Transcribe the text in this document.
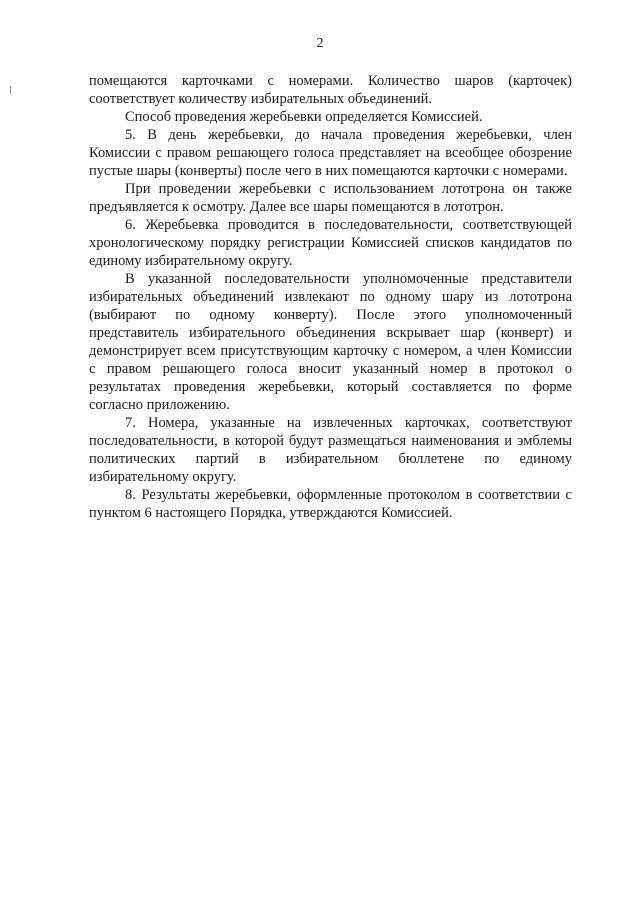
2

помещаются карточками с номерами. Количество шаров (карточек) соответствует количеству избирательных объединений.

Способ проведения жеребьевки определяется Комиссией.

5. В день жеребьевки, до начала проведения жеребьевки, член Комиссии с правом решающего голоса представляет на всеобщее обозрение пустые шары (конверты) после чего в них помещаются карточки с номерами.

При проведении жеребьевки с использованием лототрона он также предъявляется к осмотру. Далее все шары помещаются в лототрон.

6. Жеребьевка проводится в последовательности, соответствующей хронологическому порядку регистрации Комиссией списков кандидатов по единому избирательному округу.

В указанной последовательности уполномоченные представители избирательных объединений извлекают по одному шару из лототрона (выбирают по одному конверту). После этого уполномоченный представитель избирательного объединения вскрывает шар (конверт) и демонстрирует всем присутствующим карточку с номером, а член Комиссии с правом решающего голоса вносит указанный номер в протокол о результатах проведения жеребьевки, который составляется по форме согласно приложению.

7. Номера, указанные на извлеченных карточках, соответствуют последовательности, в которой будут размещаться наименования и эмблемы политических партий в избирательном бюллетене по единому избирательному округу.

8. Результаты жеребьевки, оформленные протоколом в соответствии с пунктом 6 настоящего Порядка, утверждаются Комиссией.
